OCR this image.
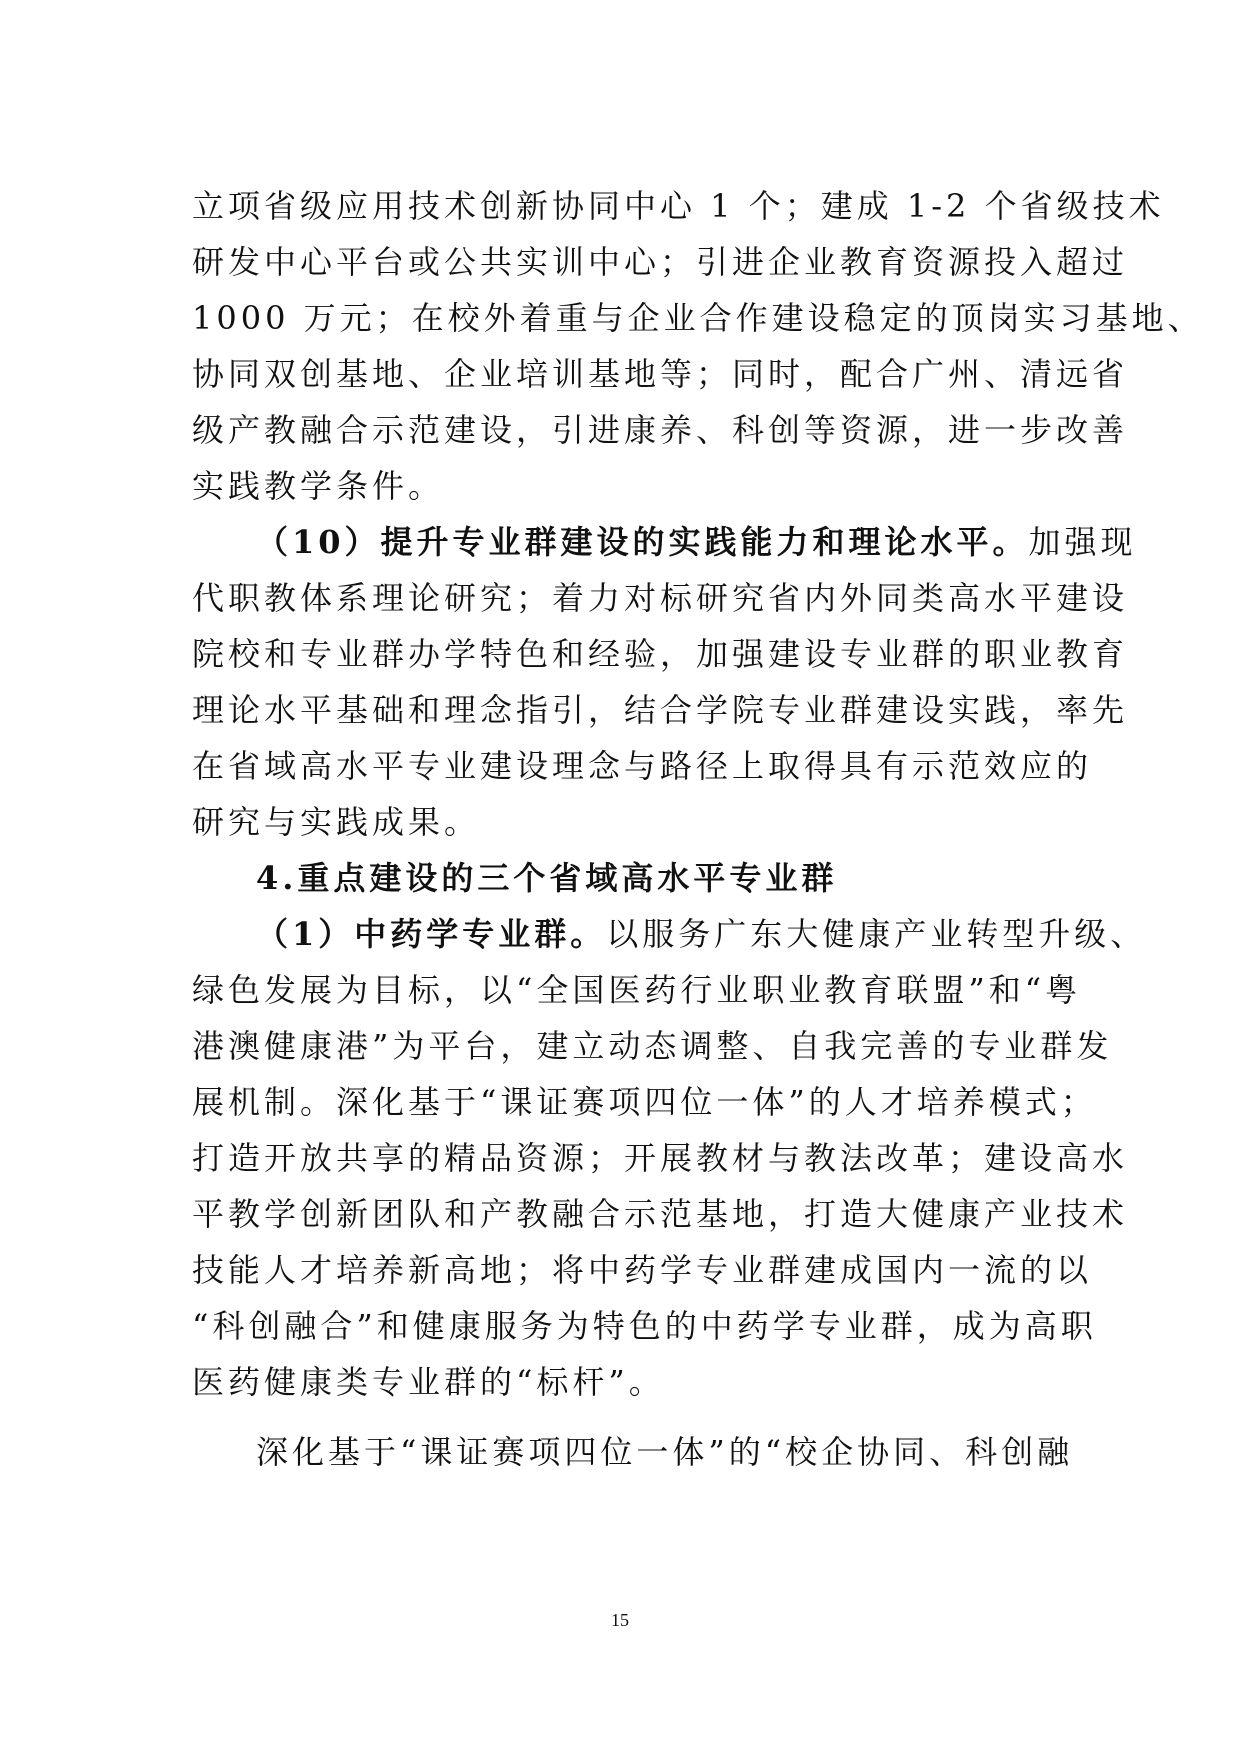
立项省级应用技术创新协同中心 1 个；建成 1-2 个省级技术
研发中心平台或公共实训中心；引进企业教育资源投入超过
1000 万元；在校外着重与企业合作建设稳定的顶岗实习基地、
协同双创基地、企业培训基地等；同时，配合广州、清远省
级产教融合示范建设，引进康养、科创等资源，进一步改善
实践教学条件。
（10）提升专业群建设的实践能力和理论水平。加强现
代职教体系理论研究；着力对标研究省内外同类高水平建设
院校和专业群办学特色和经验，加强建设专业群的职业教育
理论水平基础和理念指引，结合学院专业群建设实践，率先
在省域高水平专业建设理念与路径上取得具有示范效应的
研究与实践成果。
4.重点建设的三个省域高水平专业群
（1）中药学专业群。以服务广东大健康产业转型升级、
绿色发展为目标，以“全国医药行业职业教育联盟”和“粤
港澳健康港”为平台，建立动态调整、自我完善的专业群发
展机制。深化基于“课证赛项四位一体”的人才培养模式；
打造开放共享的精品资源；开展教材与教法改革；建设高水
平教学创新团队和产教融合示范基地，打造大健康产业技术
技能人才培养新高地；将中药学专业群建成国内一流的以
“科创融合”和健康服务为特色的中药学专业群，成为高职
医药健康类专业群的“标杆”。
深化基于“课证赛项四位一体”的“校企协同、科创融
15
